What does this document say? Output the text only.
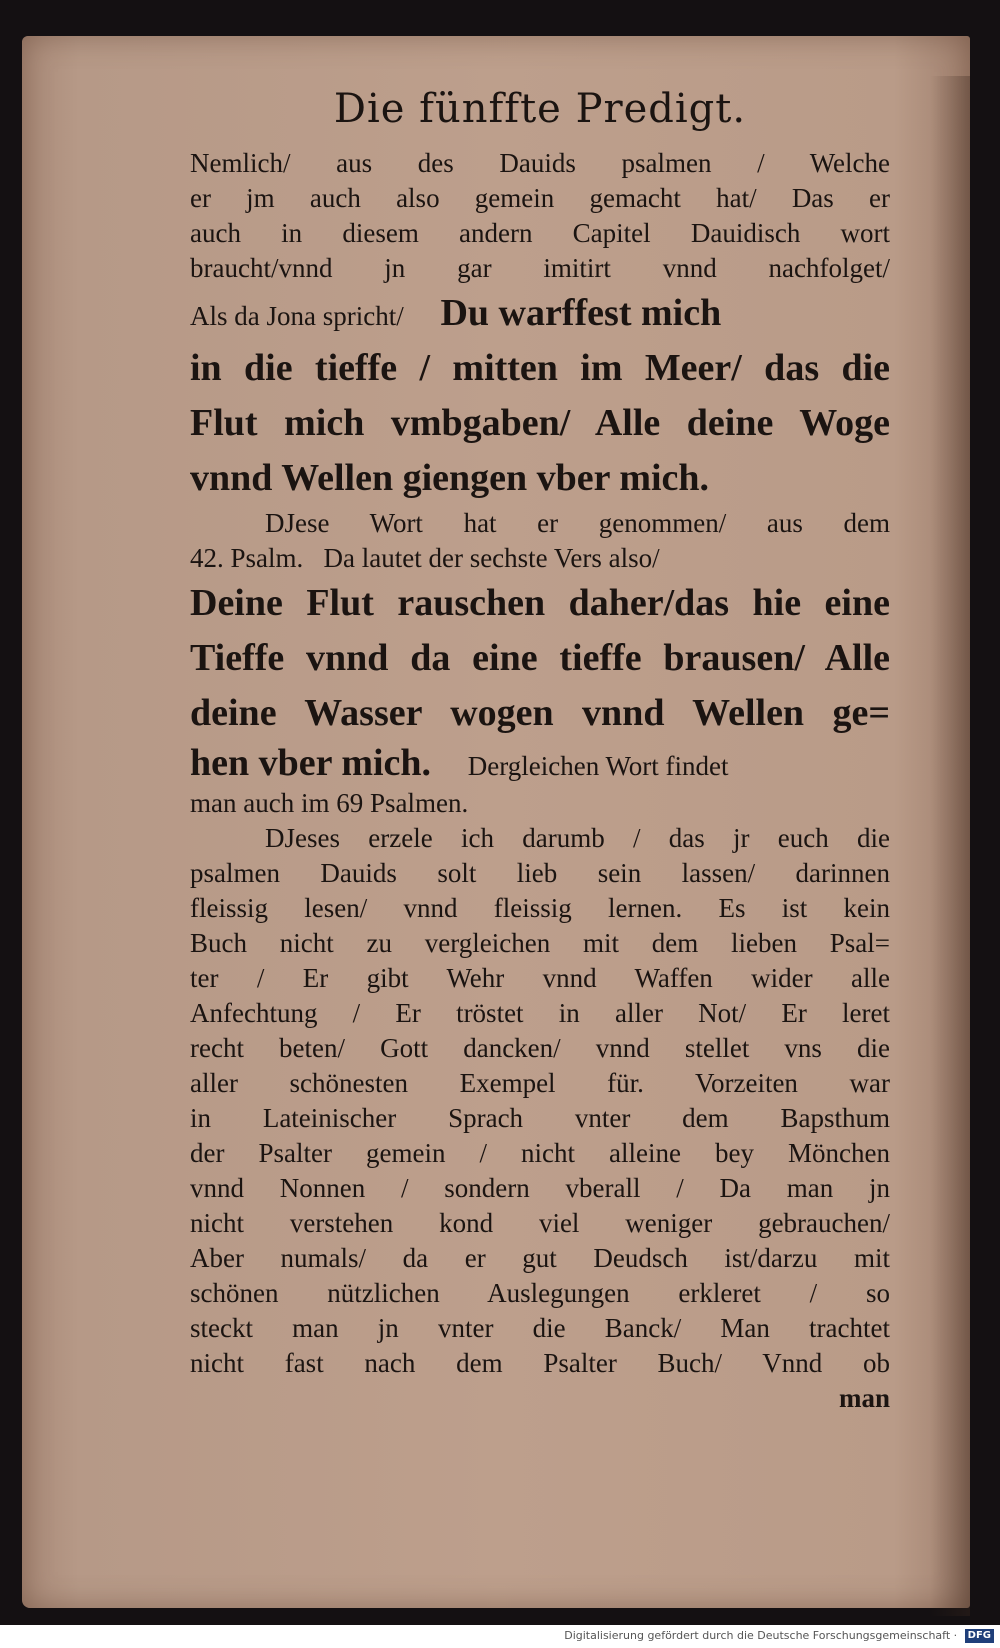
Die fünffte Predigt.
Nemlich/ aus des Dauids psalmen / Welche
er jm auch also gemein gemacht hat/ Das er
auch in diesem andern Capitel Dauidisch wort
braucht/vnnd jn gar imitirt vnnd nachfolget/
Als da Jona spricht/ Du warffest mich
in die tieffe / mitten im Meer/ das die
Flut mich vmbgaben/ Alle deine Woge
vnnd Wellen giengen vber mich.
DJese Wort hat er genommen/ aus dem
42. Psalm.   Da lautet der sechste Vers also/
Deine Flut rauschen daher/das hie eine
Tieffe vnnd da eine tieffe brausen/ Alle
deine Wasser wogen vnnd Wellen ge=
hen vber mich. Dergleichen Wort findet
man auch im 69 Psalmen.
DJeses erzele ich darumb / das jr euch die
psalmen Dauids solt lieb sein lassen/ darinnen
fleissig lesen/ vnnd fleissig lernen. Es ist kein
Buch nicht zu vergleichen mit dem lieben Psal=
ter / Er gibt Wehr vnnd Waffen wider alle
Anfechtung / Er tröstet in aller Not/ Er leret
recht beten/ Gott dancken/ vnnd stellet vns die
aller schönesten Exempel für. Vorzeiten war
in Lateinischer Sprach vnter dem Bapsthum
der Psalter gemein / nicht alleine bey Mönchen
vnnd Nonnen / sondern vberall / Da man jn
nicht verstehen kond viel weniger gebrauchen/
Aber numals/ da er gut Deudsch ist/darzu mit
schönen nützlichen Auslegungen erkleret / so
steckt man jn vnter die Banck/ Man trachtet
nicht fast nach dem Psalter Buch/ Vnnd ob
man
Digitalisierung gefördert durch die Deutsche Forschungsgemeinschaft · DFG
